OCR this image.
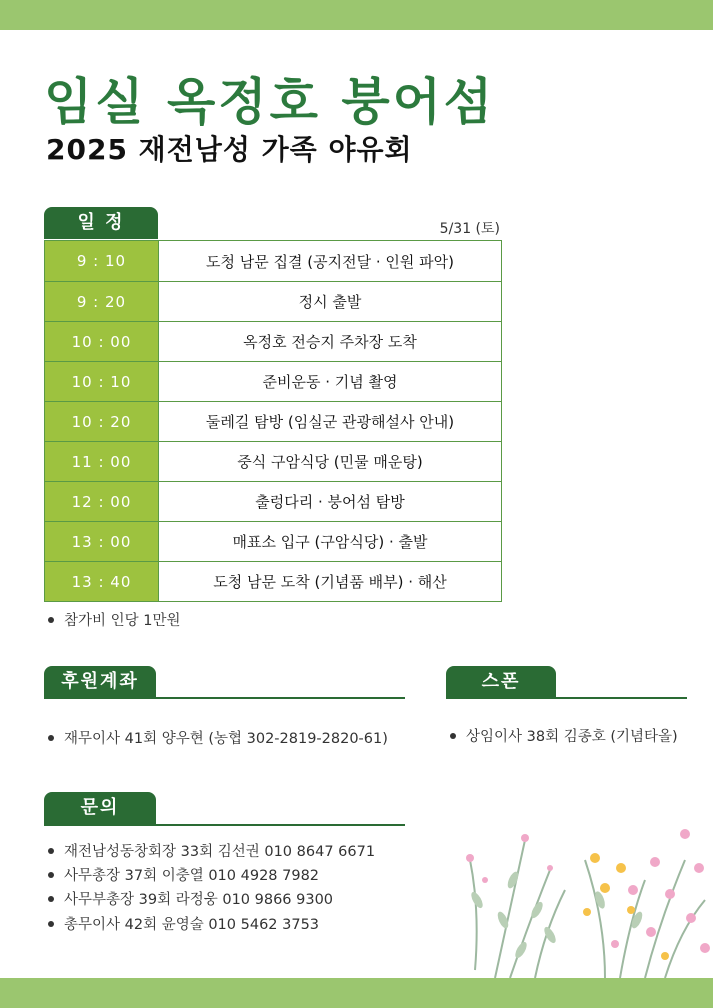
임실 옥정호 붕어섬
2025 재전남성 가족 야유회
일 정	5/31 (토)
9 : 10	도청 남문 집결 (공지전달 · 인원 파악)
9 : 20	정시 출발
10 : 00	옥정호 전승지 주차장 도착
10 : 10	준비운동 · 기념 촬영
10 : 20	둘레길 탐방 (임실군 관광해설사 안내)
11 : 00	중식 구암식당 (민물 매운탕)
12 : 00	출렁다리 · 붕어섬 탐방
13 : 00	매표소 입구 (구암식당) · 출발
13 : 40	도청 남문 도착 (기념품 배부) · 해산
참가비 인당 1만원
후원계좌
재무이사 41회 양우현 (농협 302-2819-2820-61)
스폰
상임이사 38회 김종호 (기념타올)
문의
재전남성동창회장 33회 김선권 010 8647 6671
사무총장 37회 이충열 010 4928 7982
사무부총장 39회 라정웅 010 9866 9300
총무이사 42회 윤영술 010 5462 3753
